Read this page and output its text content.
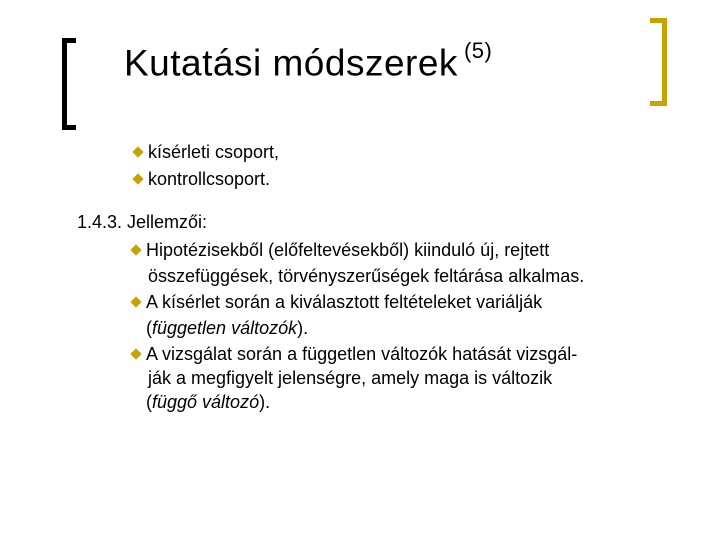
Kutatási módszerek $^{(5)}$
kísérleti csoport,
kontrollcsoport.
1.4.3. Jellemzői:
Hipotézisekből (előfeltevésekből) kiinduló új, rejtett
összefüggések, törvényszerűségek feltárása alkalmas.
A kísérlet során a kiválasztott feltételeket variálják
(független változók).
A vizsgálat során a független változók hatását vizsgál-
ják a megfigyelt jelenségre, amely maga is változik
(függő változó).
